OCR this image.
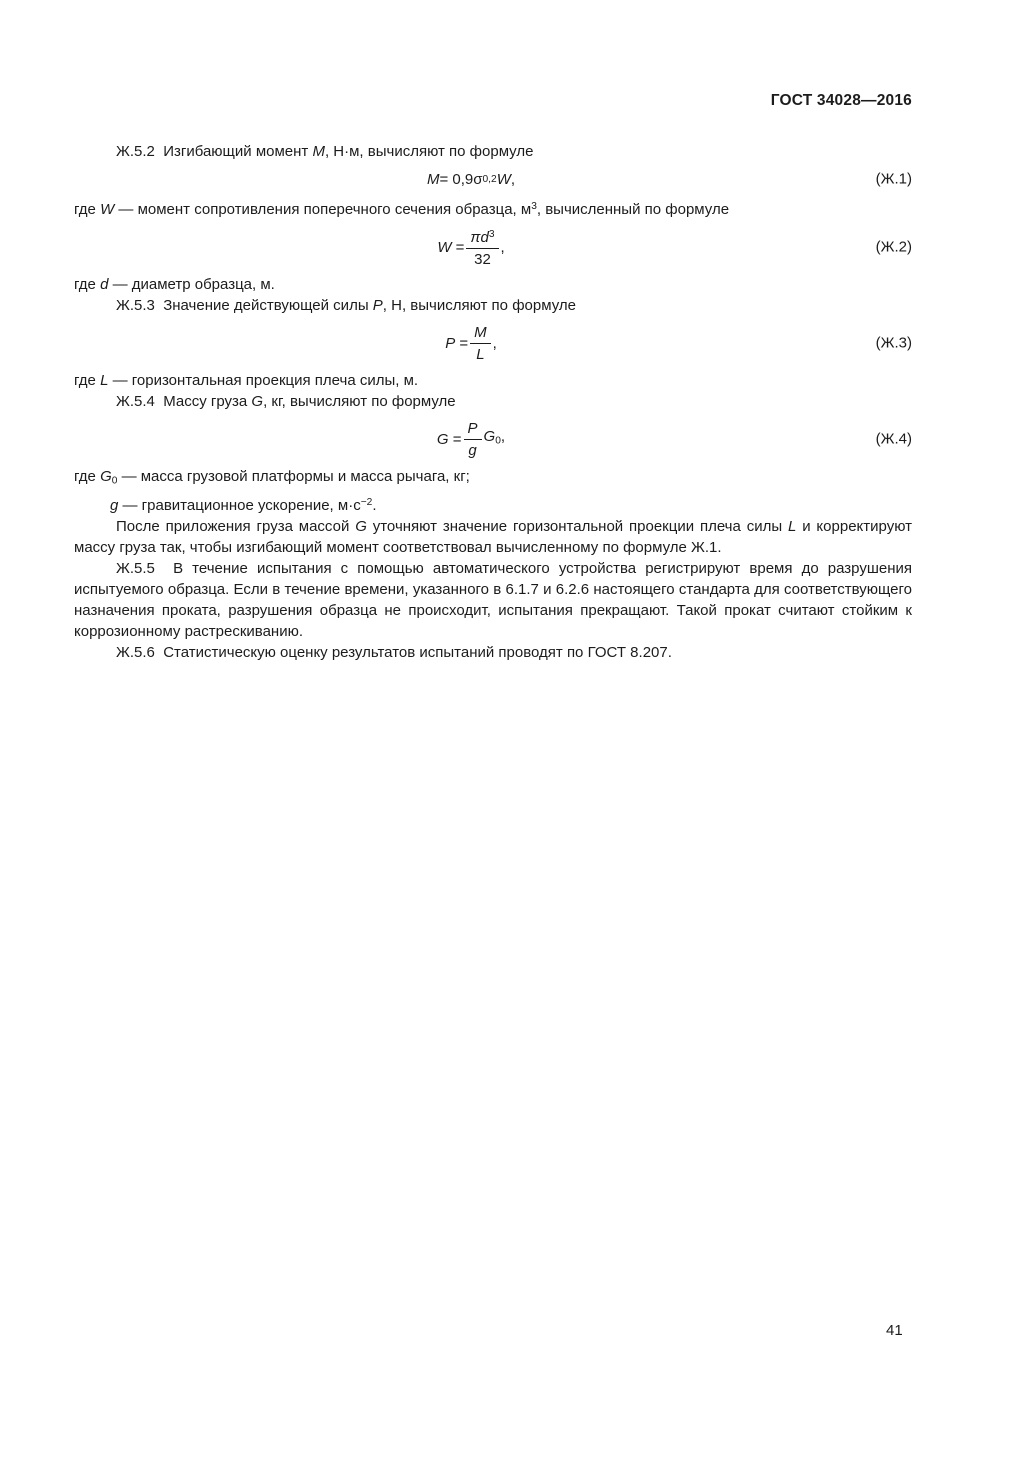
ГОСТ 34028—2016

Ж.5.2  Изгибающий момент M, Н·м, вычисляют по формуле

M = 0,9σ 0,2 W ,	(Ж.1)

где W — момент сопротивления поперечного сечения образца, $м^3$, вычисленный по формуле

$W = \frac{\pi d^3}{32}$ ,	(Ж.2)

где d — диаметр образца, м.

Ж.5.3  Значение действующей силы P, Н, вычисляют по формуле

$P = \frac{M}{L}$ ,	(Ж.3)

где L — горизонтальная проекция плеча силы, м.

Ж.5.4  Массу груза G, кг, вычисляют по формуле

$G = \frac{P}{g} G0$,	(Ж.4)

где G0 — масса грузовой платформы и масса рычага, кг;

g — гравитационное ускорение, $м\cdot с^{-2}$.

После приложения груза массой G уточняют значение горизонтальной проекции плеча силы L и корректируют массу груза так, чтобы изгибающий момент соответствовал вычисленному по формуле Ж.1.

Ж.5.5  В течение испытания с помощью автоматического устройства регистрируют время до разрушения испытуемого образца. Если в течение времени, указанного в 6.1.7 и 6.2.6 настоящего стандарта для соответствующего назначения проката, разрушения образца не происходит, испытания прекращают. Такой прокат считают стойким к коррозионному растрескиванию.

Ж.5.6  Статистическую оценку результатов испытаний проводят по ГОСТ 8.207.

41
